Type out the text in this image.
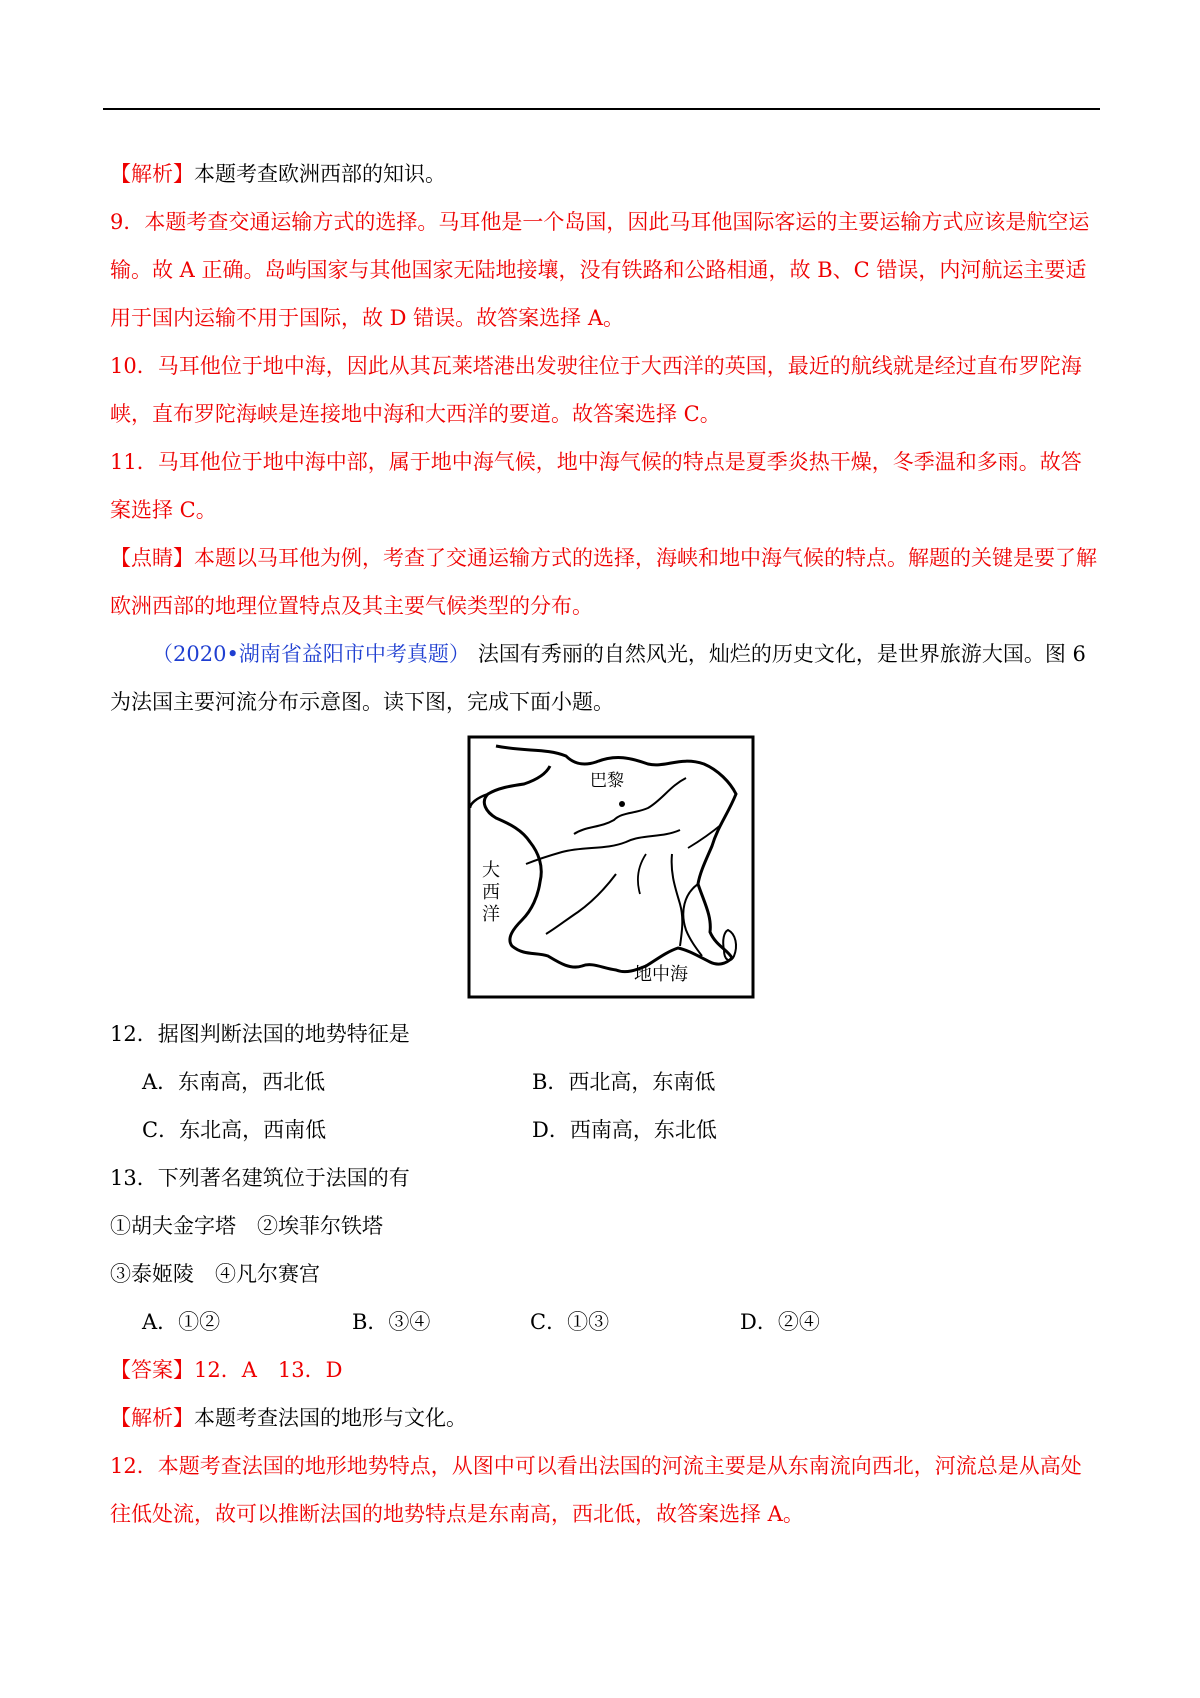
【解析】本题考查欧洲西部的知识。

9．本题考查交通运输方式的选择。马耳他是一个岛国，因此马耳他国际客运的主要运输方式应该是航空运输。故 A 正确。岛屿国家与其他国家无陆地接壤，没有铁路和公路相通，故 B、C 错误，内河航运主要适用于国内运输不用于国际，故 D 错误。故答案选择 A。

10．马耳他位于地中海，因此从其瓦莱塔港出发驶往位于大西洋的英国，最近的航线就是经过直布罗陀海峡，直布罗陀海峡是连接地中海和大西洋的要道。故答案选择 C。

11．马耳他位于地中海中部，属于地中海气候，地中海气候的特点是夏季炎热干燥，冬季温和多雨。故答案选择 C。

【点睛】本题以马耳他为例，考查了交通运输方式的选择，海峡和地中海气候的特点。解题的关键是要了解欧洲西部的地理位置特点及其主要气候类型的分布。

（2020•湖南省益阳市中考真题） 法国有秀丽的自然风光，灿烂的历史文化，是世界旅游大国。图 6 为法国主要河流分布示意图。读下图，完成下面小题。

巴黎
大
西
洋
地中海

12．据图判断法国的地势特征是

A．东南高，西北低	B．西北高，东南低
C．东北高，西南低	D．西南高，东北低

13．下列著名建筑位于法国的有

①胡夫金字塔　②埃菲尔铁塔

③泰姬陵　④凡尔赛宫

A．①②	B．③④	C．①③	D．②④

【答案】12．A　13．D

【解析】本题考查法国的地形与文化。

12．本题考查法国的地形地势特点，从图中可以看出法国的河流主要是从东南流向西北，河流总是从高处往低处流，故可以推断法国的地势特点是东南高，西北低，故答案选择 A。
